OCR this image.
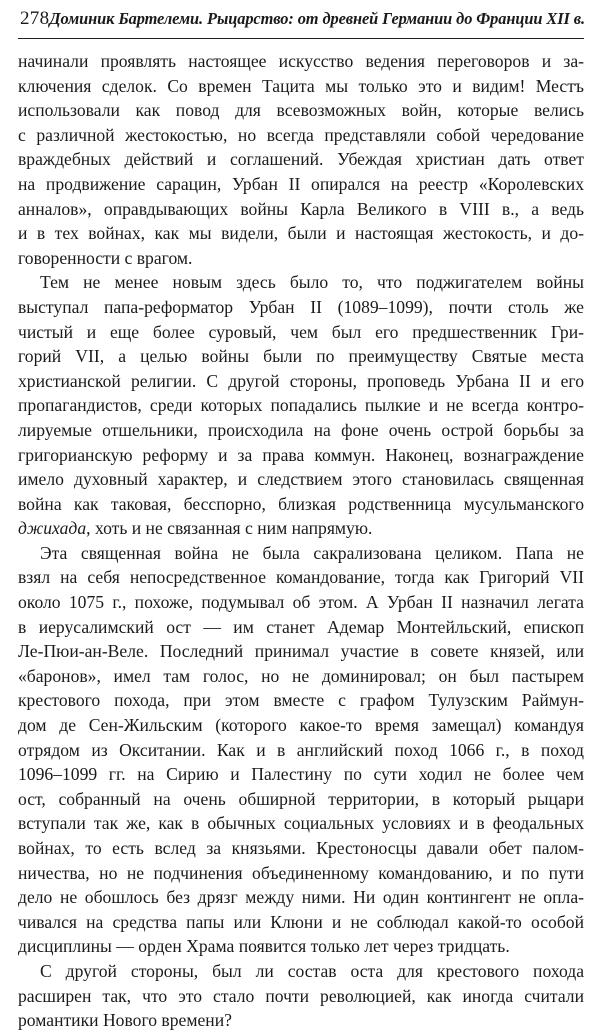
278 Доминик Бартелеми. Рыцарство: от древней Германии до Франции XII в.
начинали проявлять настоящее искусство ведения переговоров и за-
ключения сделок. Со времен Тацита мы только это и видим! Местъ
использовали как повод для всевозможных войн, которые велись
с различной жестокостью, но всегда представляли собой чередование
враждебных действий и соглашений. Убеждая христиан дать ответ
на продвижение сарацин, Урбан II опирался на реестр «Королевских
анналов», оправдывающих войны Карла Великого в VIII в., а ведь
и в тех войнах, как мы видели, были и настоящая жестокость, и до-
говоренности с врагом.
Тем не менее новым здесь было то, что поджигателем войны
выступал папа-реформатор Урбан II (1089–1099), почти столь же
чистый и еще более суровый, чем был его предшественник Гри-
горий VII, а целью войны были по преимуществу Святые места
христианской религии. С другой стороны, проповедь Урбана II и его
пропагандистов, среди которых попадались пылкие и не всегда контро-
лируемые отшельники, происходила на фоне очень острой борьбы за
григорианскую реформу и за права коммун. Наконец, вознаграждение
имело духовный характер, и следствием этого становилась священная
война как таковая, бесспорно, близкая родственница мусульманского
джихада, хоть и не связанная с ним напрямую.
Эта священная война не была сакрализована целиком. Папа не
взял на себя непосредственное командование, тогда как Григорий VII
около 1075 г., похоже, подумывал об этом. А Урбан II назначил легата
в иерусалимский ост — им станет Адемар Монтейльский, епископ
Ле-Пюи-ан-Веле. Последний принимал участие в совете князей, или
«баронов», имел там голос, но не доминировал; он был пастырем
крестового похода, при этом вместе с графом Тулузским Раймун-
дом де Сен-Жильским (которого какое-то время замещал) командуя
отрядом из Окситании. Как и в английский поход 1066 г., в поход
1096–1099 гг. на Сирию и Палестину по сути ходил не более чем
ост, собранный на очень обширной территории, в который рыцари
вступали так же, как в обычных социальных условиях и в феодальных
войнах, то есть вслед за князьями. Крестоносцы давали обет палом-
ничества, но не подчинения объединенному командованию, и по пути
дело не обошлось без дрязг между ними. Ни один контингент не опла-
чивался на средства папы или Клюни и не соблюдал какой-то особой
дисциплины — орден Храма появится только лет через тридцать.
С другой стороны, был ли состав оста для крестового похода
расширен так, что это стало почти революцией, как иногда считали
романтики Нового времени?
